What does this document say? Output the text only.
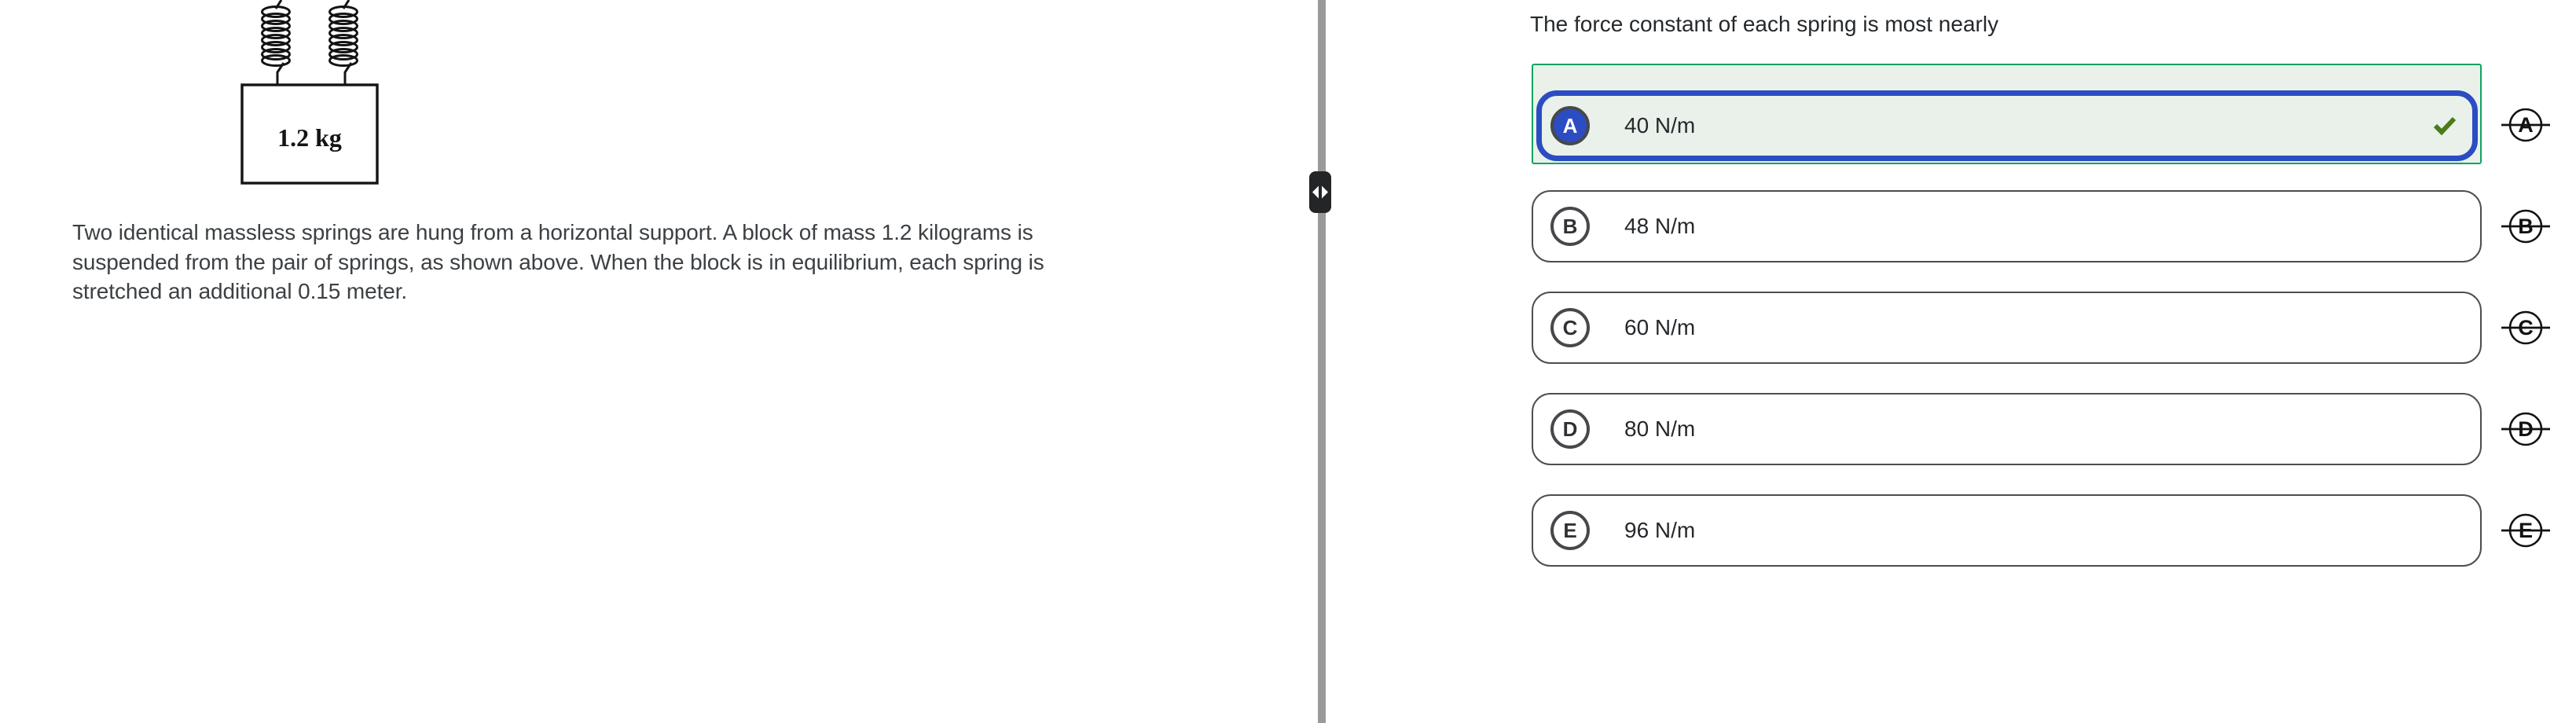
1.2 kg
Two identical massless springs are hung from a horizontal support. A block of mass 1.2 kilograms is
suspended from the pair of springs, as shown above. When the block is in equilibrium, each spring is
stretched an additional 0.15 meter.
The force constant of each spring is most nearly
A	40 N/m
B	48 N/m
C	60 N/m
D	80 N/m
E	96 N/m
A
B
C
D
E
